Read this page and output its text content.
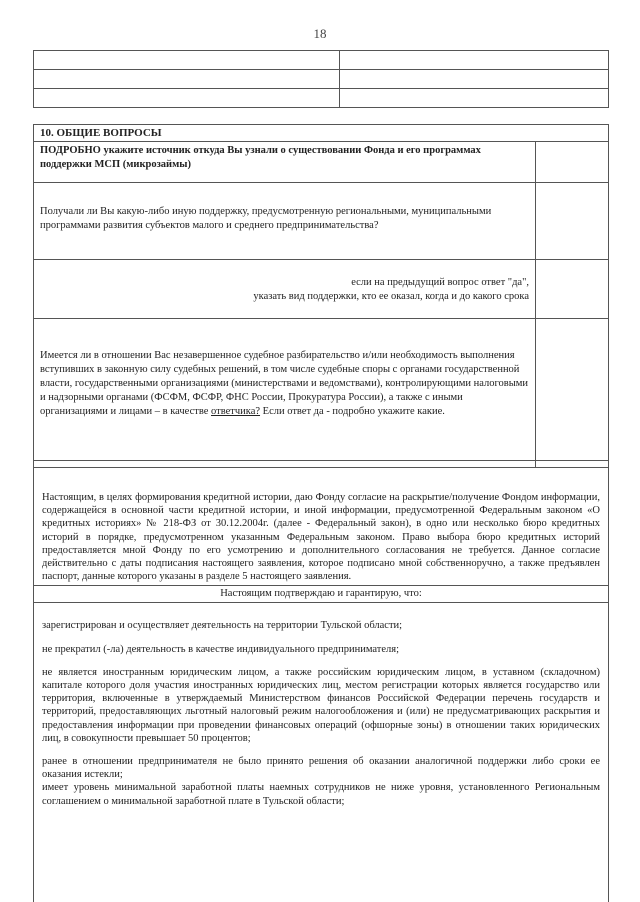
18

10. ОБЩИЕ ВОПРОСЫ
ПОДРОБНО укажите источник откуда Вы узнали о существовании Фонда и его программах поддержки МСП (микрозаймы)
Получали ли Вы какую-либо иную поддержку, предусмотренную региональными, муниципальными программами развития субъектов малого и среднего предпринимательства?
если на предыдущий вопрос ответ "да",
указать вид поддержки, кто ее оказал, когда и до какого срока
Имеется ли в отношении Вас незавершенное судебное разбирательство и/или необходимость выполнения вступивших в законную силу судебных решений, в том числе судебные споры с органами государственной власти, государственными организациями (министерствами и ведомствами), контролирующими налоговыми и надзорными органами (ФСФМ, ФСФР, ФНС России, Прокуратура России), а также с иными организациями и лицами – в качестве ответчика? Если ответ да - подробно укажите какие.
Настоящим, в целях формирования кредитной истории, даю Фонду согласие на раскрытие/получение Фондом информации, содержащейся в основной части кредитной истории, и иной информации, предусмотренной Федеральным законом «О кредитных историях» № 218-ФЗ от 30.12.2004г. (далее - Федеральный закон), в одно или несколько бюро кредитных историй в порядке, предусмотренном указанным Федеральным законом. Право выбора бюро кредитных историй предоставляется мной Фонду по его усмотрению и дополнительного согласования не требуется. Данное согласие действительно с даты подписания настоящего заявления, которое подписано мной собственноручно, а также предъявлен паспорт, данные которого указаны в разделе 5 настоящего заявления.
Настоящим подтверждаю и гарантирую, что:

зарегистрирован и осуществляет деятельность на территории Тульской области;

не прекратил (-ла) деятельность в качестве индивидуального предпринимателя;

не является иностранным юридическим лицом, а также российским юридическим лицом, в уставном (складочном) капитале которого доля участия иностранных юридических лиц, местом регистрации которых является государство или территория, включенные в утверждаемый Министерством финансов Российской Федерации перечень государств и территорий, предоставляющих льготный налоговый режим налогообложения и (или) не предусматривающих раскрытия и предоставления информации при проведении финансовых операций (офшорные зоны) в отношении таких юридических лиц, в совокупности превышает 50 процентов;

ранее в отношении предпринимателя не было принято решения об оказании аналогичной поддержки либо сроки ее оказания истекли;

имеет уровень минимальной заработной платы наемных сотрудников не ниже уровня, установленного Региональным соглашением о минимальной заработной плате в Тульской области;
